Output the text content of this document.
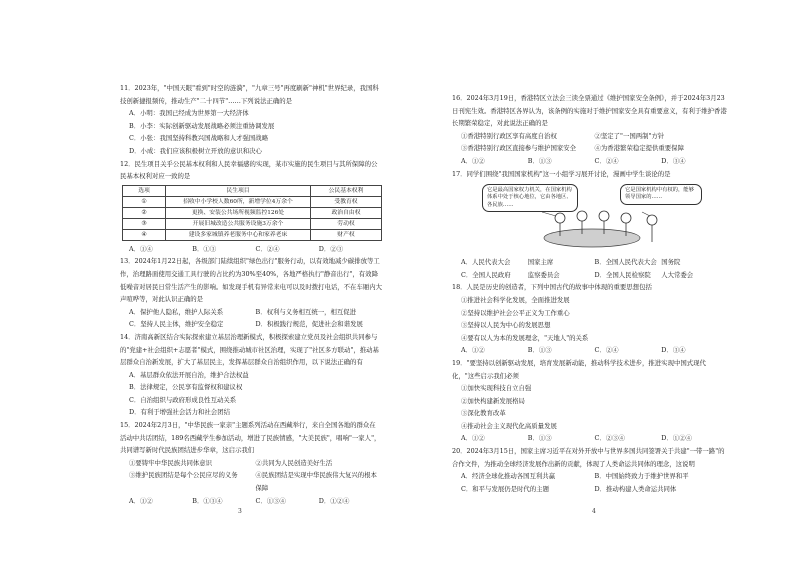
11．2023年，"中国天眼"看到"时空的涟漪"，"九章三号"再度刷新"神机"世界纪录，我国科技创新捷报频传，推动生产"二十四节"……下列说法正确的是

A．小明：我国已经成为世界第一大经济体

B．小李：实际创新驱动发展战略必须注重协调发展

C．小张：我国坚持科教兴国战略和人才强国战略

D．小成：我们应该积极树立开放的意识和决心

12．民生项目关乎公民基本权利和人民幸福感的实现，某市实施的民生项目与其所保障的公民基本权利对应一致的是

选项	民生项目	公民基本权利
①	招收中小学校人数60所，新增学位4万余个	受教育权
②	更换、安装公共场所视频监控126处	政治自由权
③	开展旧城改造公共服务设施3万余个	劳动权
④	建设多家城镇养老服务中心和家养老床	财产权
A．①④	B．①③	C．②④	D．②③

13．2024年1月22日起，各级部门陆续组织"绿色出行"服务行动，以有效地减少碳排放等工作，治理路面使用交通工具行驶的占比约为30%至40%，各地严格执行"静音出行"，有效降低噪音对居民日常生活产生的影响。如发现手机有异常来电可以及时拨打电话，不在车厢内大声喧哗等，对此认识正确的是

A．保护他人隐私，维护人际关系	B．权利与义务相互统一，相互促进
C．坚持人民主体，维护安全稳定	D．积极践行规范，促进社会和谐发展

14．济南高新区结合实际探索建立基层治理新模式，积极探索建立党员及社会组织共同参与的"党建+社会组织+志愿者"模式，围绕推动城市社区治理，实现了"社区多方联动"，推动基层群众自治新发展，扩大了基层民主，发挥基层群众自治组织作用，以下说法正确的有

A．基层群众依法开展自治，维护合法权益

B．法律规定，公民享有监督权和建议权

C．自治组织与政府形成良性互动关系

D．有利于增强社会活力和社会团结

15．2024年2月3日，"中华民族一家亲"主题系列活动在西藏举行，来自全国各地的群众在活动中共话团结，189名西藏学生参加活动，增进了民族情感，"大美民族"，唱响"一家人"，共同谱写新时代民族团结进步华章，这启示我们

①要铸牢中华民族共同体意识	②共同为人民创造美好生活
③维护民族团结是每个公民应尽的义务	④民族团结是实现中华民族伟大复兴的根本保障
A．①②	B．①③④	C．①③④	D．①②④
3

16．2024年3月19日，香港特区立法会三读全票通过《维护国家安全条例》，并于2024年3月23日刊宪生效。香港特区各界认为，该条例的实施对于维护国家安全具有重要意义，有利于维护香港长期繁荣稳定，对此说法正确的是

①香港特别行政区享有高度自治权	②坚定了"一国两制"方针
③香港特别行政区直接参与维护国家安全	④为香港繁荣稳定提供重要保障
A．①②	B．①③	C．②④	D．③④

17．同学们围绕"我国国家机构"这一小组学习展开讨论，漫画中学生谈论的是

它是最高国家权力机关，在国家机构体系中处于核心地位，它由各地区、各民族……
它是国家机构中有权的，能够领导国家的……
A．人民代表大会	国家主席	B．全国人民代表大会 国务院
C．全国人民政府	监察委员会	D．全国人民检察院	人大常委会

18．人民是历史的创造者，下列中国古代的故事中体现的重要思想包括

①推进社会科学化发展，全面推进发展

②坚持以维护社会公平正义为工作重心

③坚持以人民为中心的发展思想

④要有以人为本的发展理念，"天地人"的关系

A．①②	B．①③	C．②④	D．③④

19．"要坚持以创新驱动发展，培育发展新动能，推动科学技术进步，推进实现中国式现代化，"这些启示我们必须

①加快实现科技自立自强

②加快构建新发展格局

③深化教育改革

④推动社会主义现代化高质量发展

A．①②	B．①③	C．②③④	D．①②④

20．2024年3月15日，国家主席习近平在对外开放中与世界多国共同签署关于共建"一带一路"的合作文件，为推动全球经济发展作出新的贡献，体现了人类命运共同体的理念，这说明

A．经济全球化推动各国互利共赢	B．中国始终致力于维护世界和平
C．和平与发展仍是时代的主题	D．推动构建人类命运共同体
4
